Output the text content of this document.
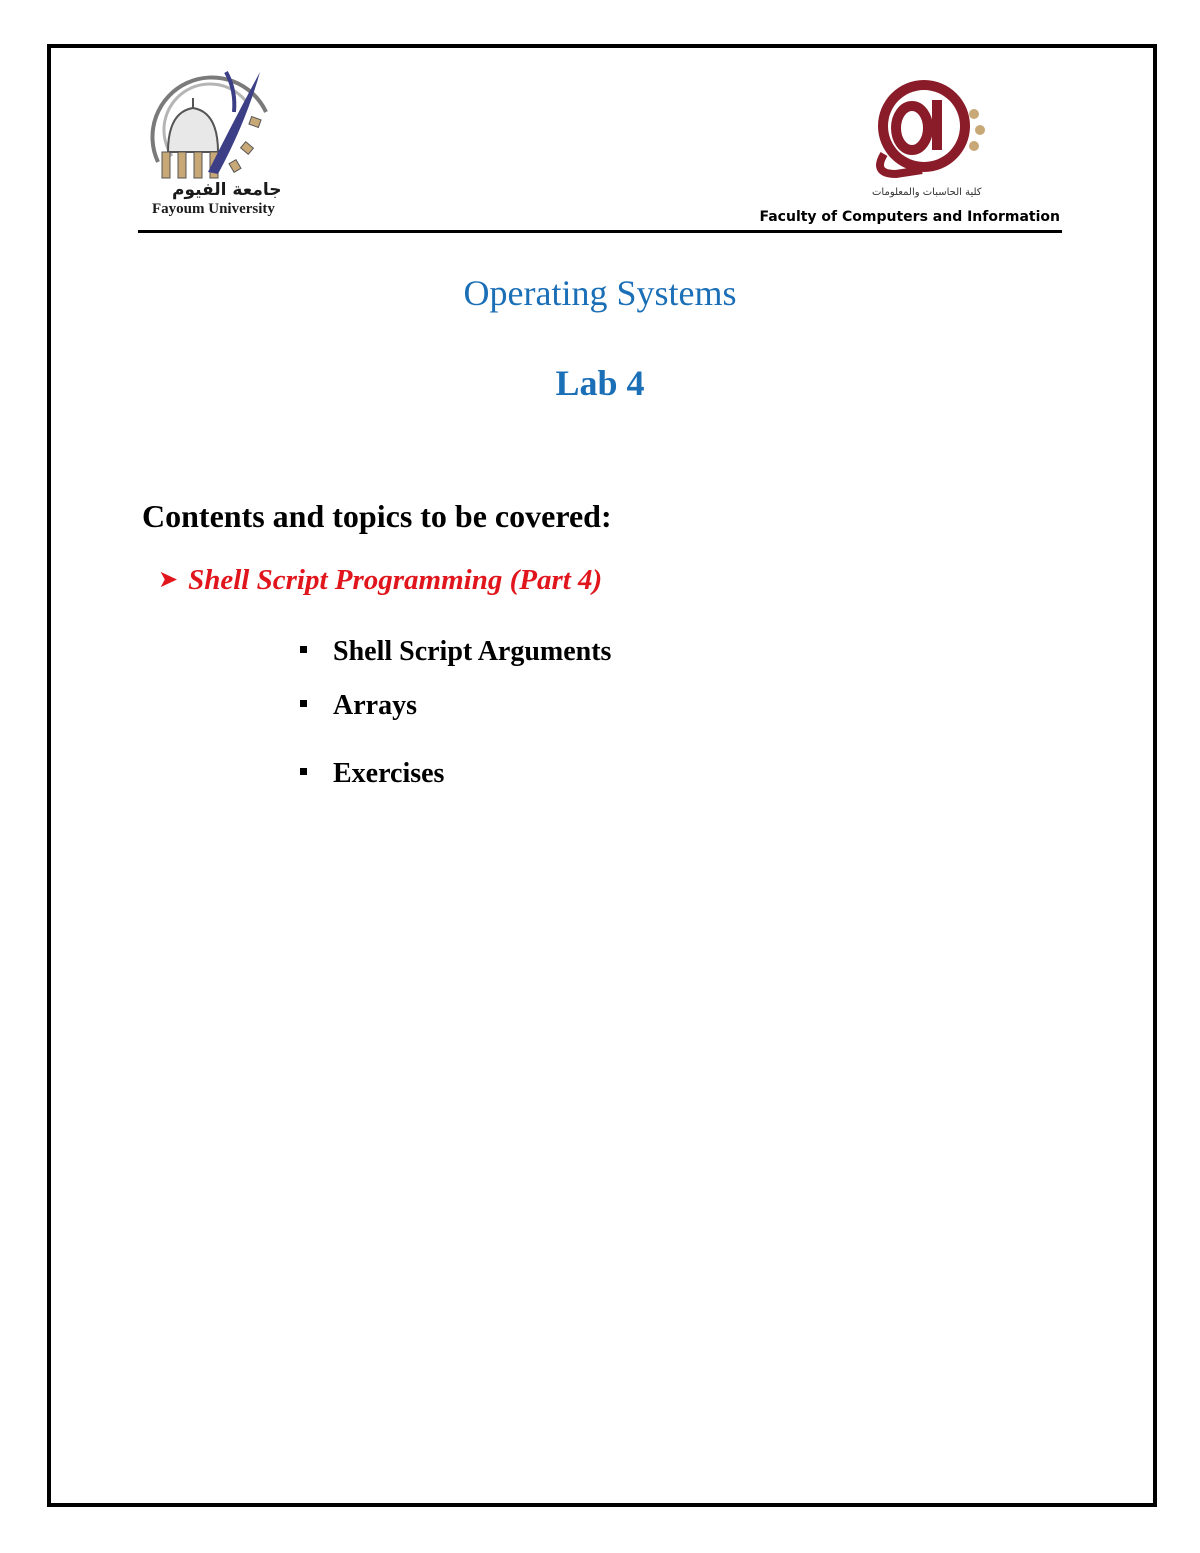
جامعة الفيوم
Fayoum University
كلية الحاسبات والمعلومات
Faculty of Computers and Information
Operating Systems
Lab 4
Contents and topics to be covered:
➤ Shell Script Programming (Part 4)
Shell Script Arguments
Arrays
Exercises
